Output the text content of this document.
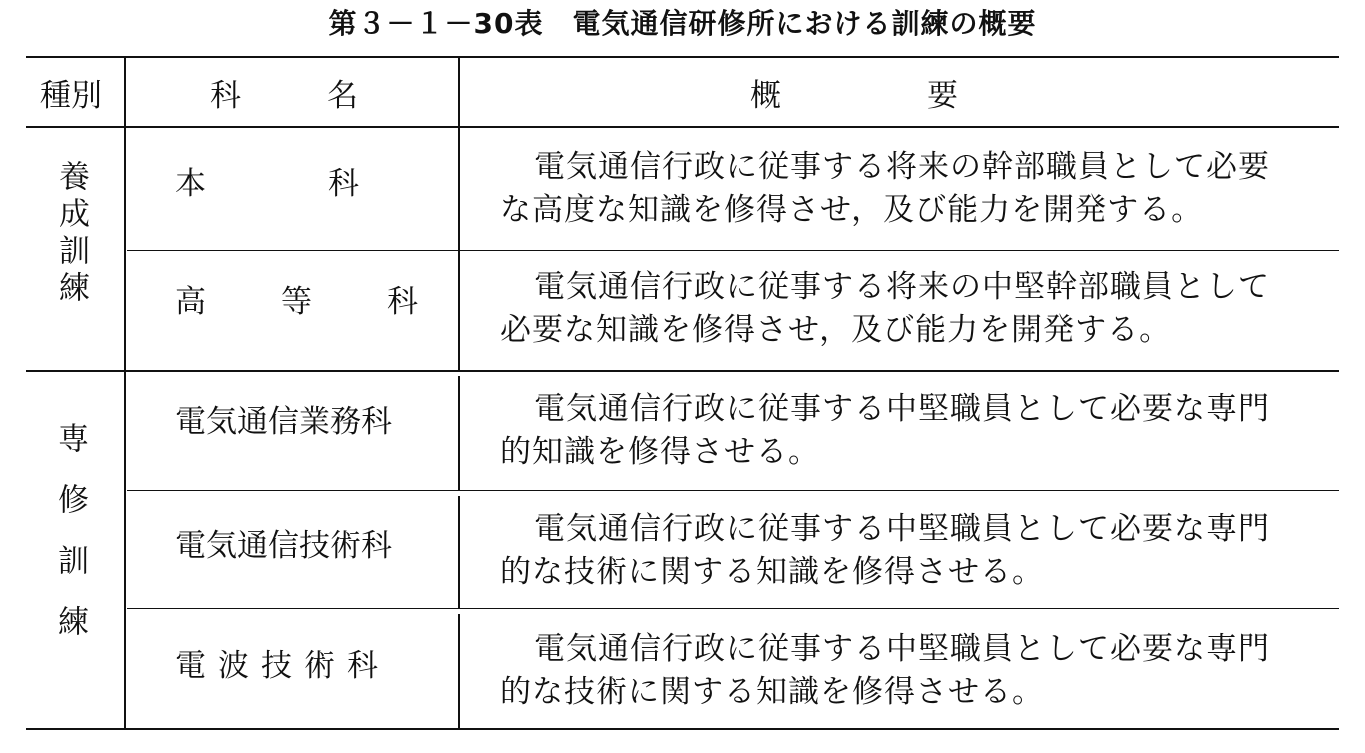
第３－１－30表　電気通信研修所における訓練の概要
種別	科　　名	概　　要
養成訓練
専修訓練
本　　科
高　等　科
電気通信業務科
電気通信技術科
電波技術科
電気通信行政に従事する将来の幹部職員として必要な高度な知識を修得させ，及び能力を開発する。
電気通信行政に従事する将来の中堅幹部職員として必要な知識を修得させ，及び能力を開発する。
電気通信行政に従事する中堅職員として必要な専門的知識を修得させる。
電気通信行政に従事する中堅職員として必要な専門的な技術に関する知識を修得させる。
電気通信行政に従事する中堅職員として必要な専門的な技術に関する知識を修得させる。
